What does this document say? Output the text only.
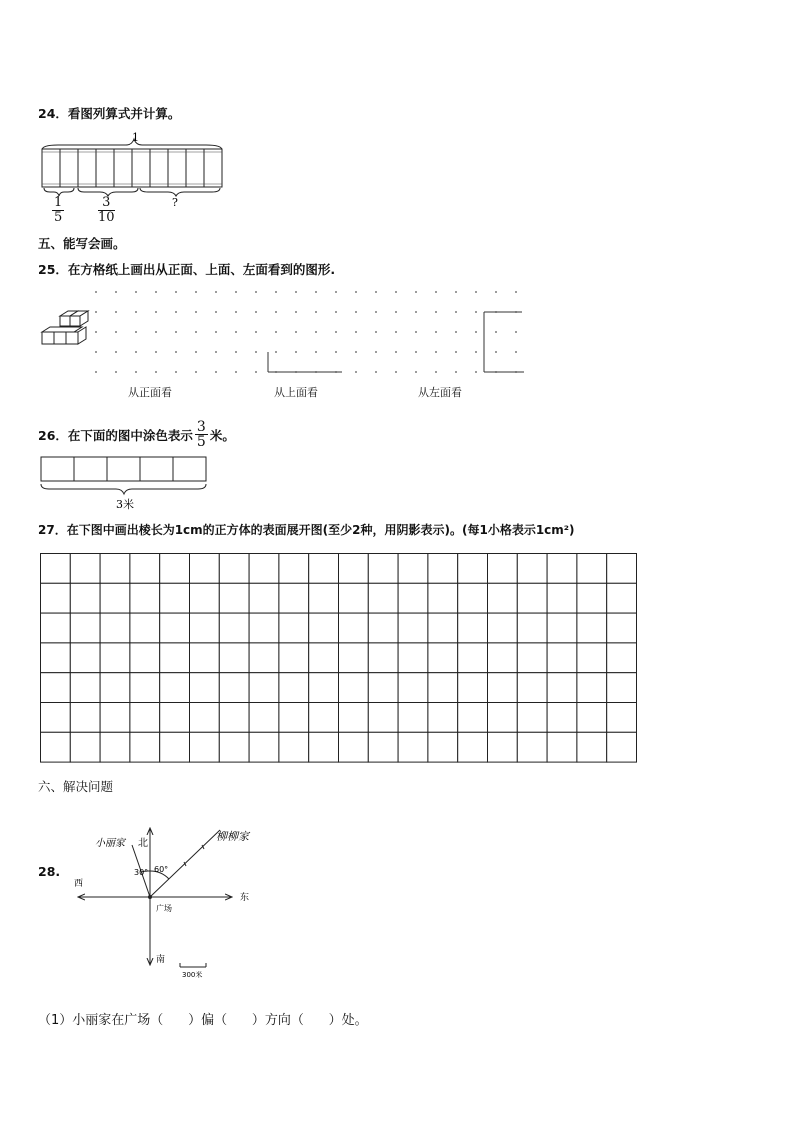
24．看图列算式并计算。
1
?
$\frac{1}{5}$	$\frac{3}{10}$
五、能写会画。
25．在方格纸上画出从正面、上面、左面看到的图形.
从正面看	从上面看	从左面看
26．在下面的图中涂色表示 $\frac{3}{5}$ 米。
3米
27．在下图中画出棱长为1cm的正方体的表面展开图(至少2种，用阴影表示)。(每1小格表示1cm²)
六、解决问题
28.
北
南
东
西
广场
小丽家
柳柳家
30° 60°
300米
（1）小丽家在广场（      ）偏（      ）方向（      ）处。
